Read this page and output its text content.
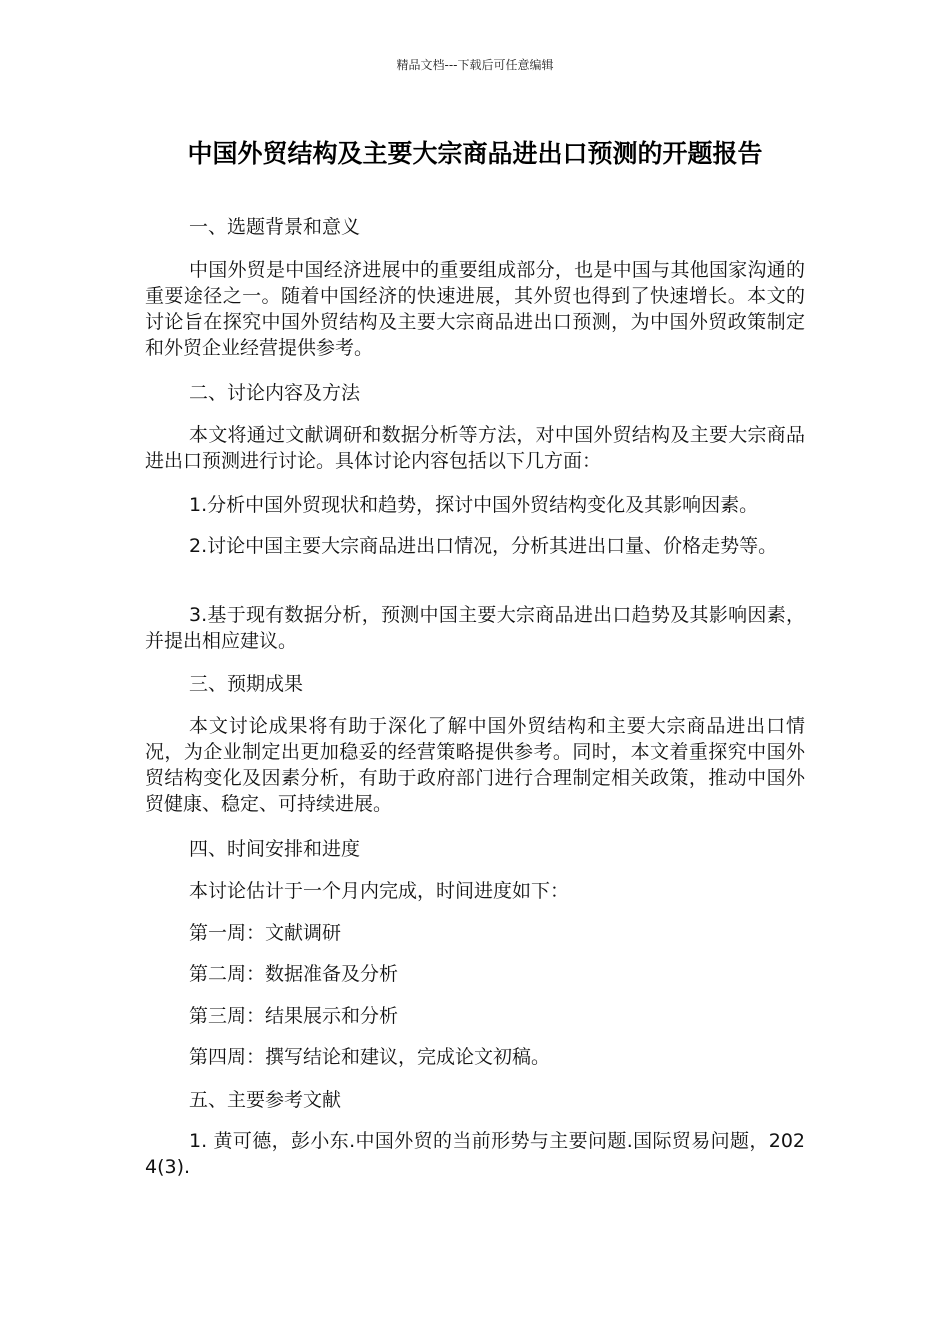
精品文档---下载后可任意编辑
中国外贸结构及主要大宗商品进出口预测的开题报告

一、选题背景和意义

中国外贸是中国经济进展中的重要组成部分，也是中国与其他国家沟通的重要途径之一。随着中国经济的快速进展，其外贸也得到了快速增长。本文的讨论旨在探究中国外贸结构及主要大宗商品进出口预测，为中国外贸政策制定和外贸企业经营提供参考。

二、讨论内容及方法

本文将通过文献调研和数据分析等方法，对中国外贸结构及主要大宗商品进出口预测进行讨论。具体讨论内容包括以下几方面：

1.分析中国外贸现状和趋势，探讨中国外贸结构变化及其影响因素。

2.讨论中国主要大宗商品进出口情况，分析其进出口量、价格走势等。

3.基于现有数据分析，预测中国主要大宗商品进出口趋势及其影响因素，并提出相应建议。

三、预期成果

本文讨论成果将有助于深化了解中国外贸结构和主要大宗商品进出口情况，为企业制定出更加稳妥的经营策略提供参考。同时，本文着重探究中国外贸结构变化及因素分析，有助于政府部门进行合理制定相关政策，推动中国外贸健康、稳定、可持续进展。

四、时间安排和进度

本讨论估计于一个月内完成，时间进度如下：

第一周：文献调研

第二周：数据准备及分析

第三周：结果展示和分析

第四周：撰写结论和建议，完成论文初稿。

五、主要参考文献

1. 黄可德，彭小东.中国外贸的当前形势与主要问题.国际贸易问题，2024(3).
